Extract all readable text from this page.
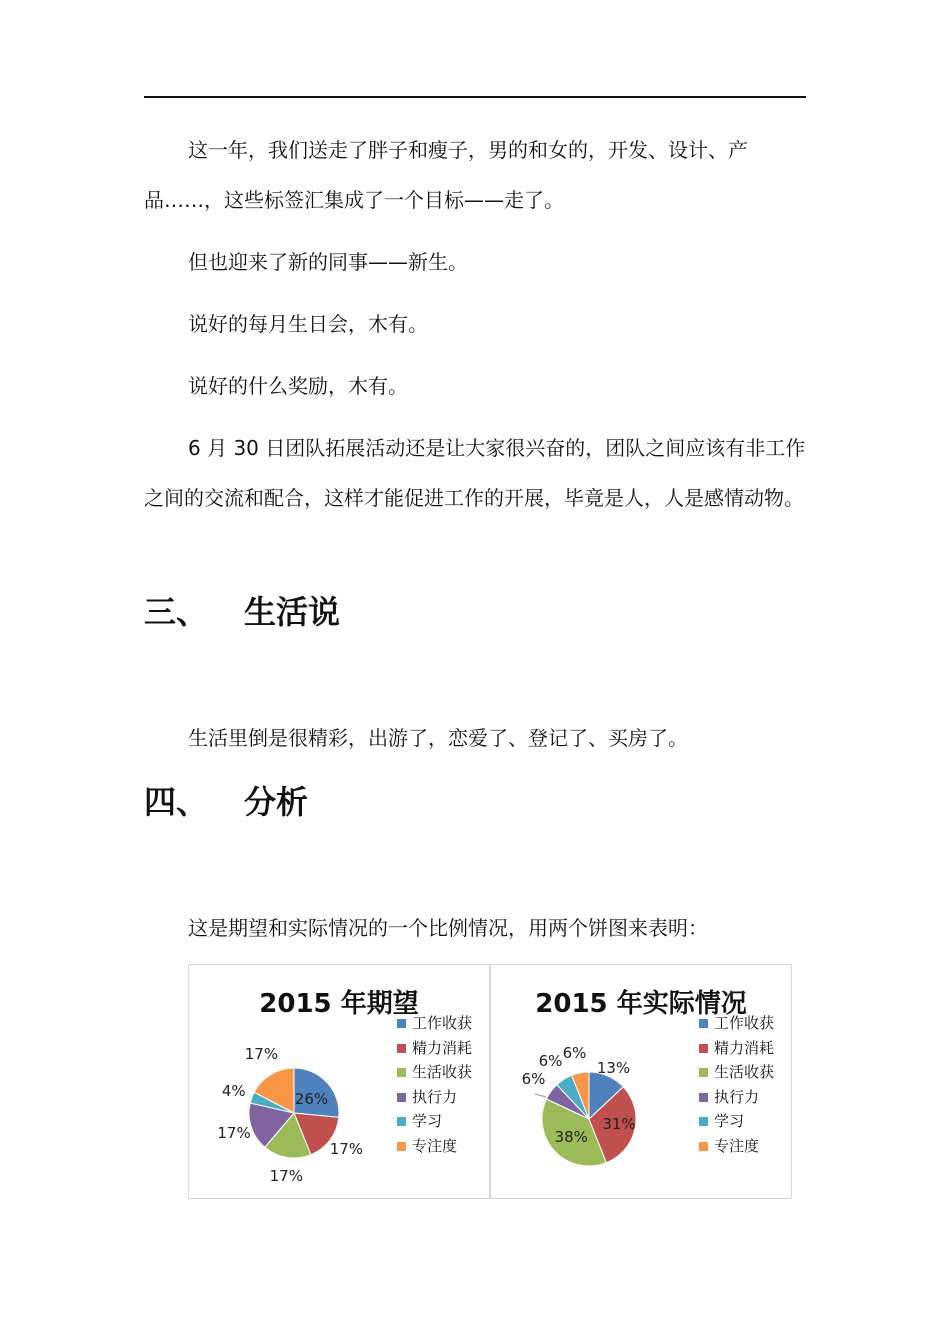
这一年，我们送走了胖子和瘦子，男的和女的，开发、设计、产品……，这些标签汇集成了一个目标——走了。

但也迎来了新的同事——新生。

说好的每月生日会，木有。

说好的什么奖励，木有。

6 月 30 日团队拓展活动还是让大家很兴奋的，团队之间应该有非工作之间的交流和配合，这样才能促进工作的开展，毕竟是人，人是感情动物。

三、 生活说

生活里倒是很精彩，出游了，恋爱了、登记了、买房了。

四、 分析

这是期望和实际情况的一个比例情况，用两个饼图来表明：

2015 年期望
工作收获
精力消耗
生活收获
执行力
学习
专注度
26%
17%
17%
17%
4%
17%
2015 年实际情况
工作收获
精力消耗
生活收获
执行力
学习
专注度
13%
31%
38%
6%
6% 6%
3
